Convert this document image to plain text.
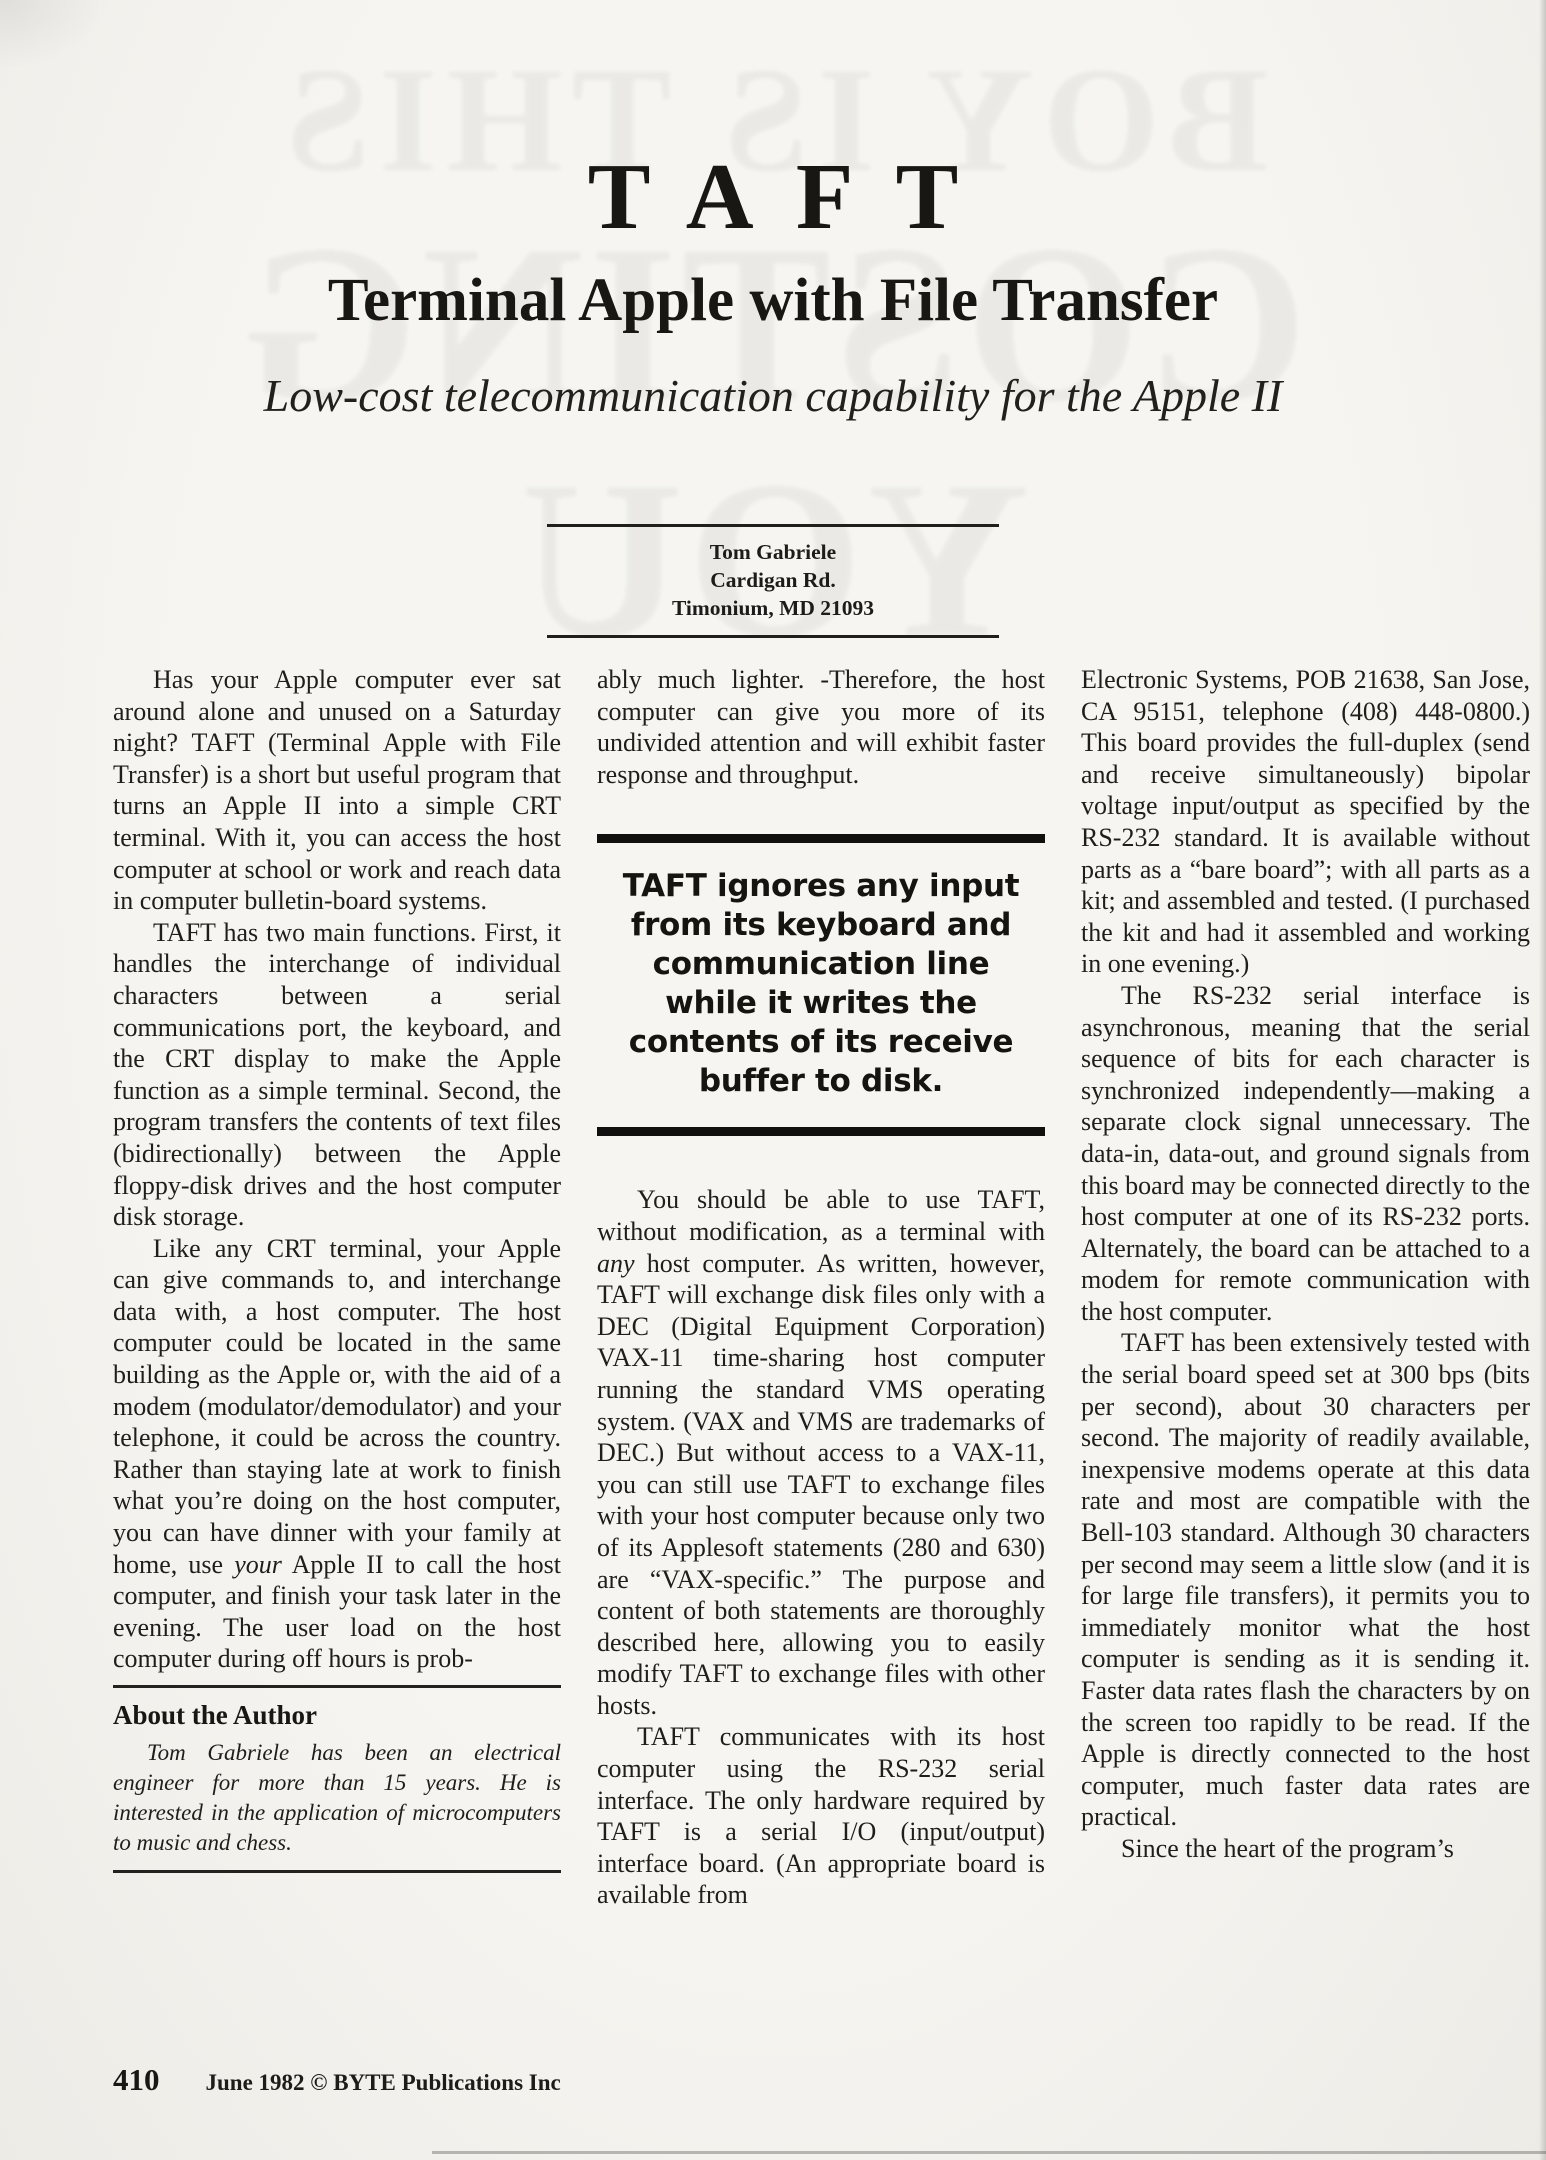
TAFT
Terminal Apple with File Transfer

Low-cost telecommunication capability for the Apple II

Tom Gabriele
Cardigan Rd.
Timonium, MD 21093

Has your Apple computer ever sat around alone and unused on a Saturday night? TAFT (Terminal Apple with File Transfer) is a short but useful program that turns an Apple II into a simple CRT terminal. With it, you can access the host computer at school or work and reach data in computer bulletin-board systems.

TAFT has two main functions. First, it handles the interchange of individual characters between a serial communications port, the keyboard, and the CRT display to make the Apple function as a simple terminal. Second, the program transfers the contents of text files (bidirectionally) between the Apple floppy-disk drives and the host computer disk storage.

Like any CRT terminal, your Apple can give commands to, and interchange data with, a host computer. The host computer could be located in the same building as the Apple or, with the aid of a modem (modulator/demodulator) and your telephone, it could be across the country. Rather than staying late at work to finish what you’re doing on the host computer, you can have dinner with your family at home, use your Apple II to call the host computer, and finish your task later in the evening. The user load on the host computer during off hours is prob-

About the Author

Tom Gabriele has been an electrical engineer for more than 15 years. He is interested in the application of microcomputers to music and chess.

ably much lighter. -Therefore, the host computer can give you more of its undivided attention and will exhibit faster response and throughput.

TAFT ignores any input
from its keyboard and
communication line
while it writes the
contents of its receive
buffer to disk.

You should be able to use TAFT, without modification, as a terminal with any host computer. As written, however, TAFT will exchange disk files only with a DEC (Digital Equipment Corporation) VAX-11 time-sharing host computer running the standard VMS operating system. (VAX and VMS are trademarks of DEC.) But without access to a VAX-11, you can still use TAFT to exchange files with your host computer because only two of its Applesoft statements (280 and 630) are “VAX-specific.” The purpose and content of both statements are thoroughly described here, allowing you to easily modify TAFT to exchange files with other hosts.

TAFT communicates with its host computer using the RS-232 serial interface. The only hardware required by TAFT is a serial I/O (input/output) interface board. (An appropriate board is available from

Electronic Systems, POB 21638, San Jose, CA 95151, telephone (408) 448-0800.) This board provides the full-duplex (send and receive simultaneously) bipolar voltage input/output as specified by the RS-232 standard. It is available without parts as a “bare board”; with all parts as a kit; and assembled and tested. (I purchased the kit and had it assembled and working in one evening.)

The RS-232 serial interface is asynchronous, meaning that the serial sequence of bits for each character is synchronized independently—making a separate clock signal unnecessary. The data-in, data-out, and ground signals from this board may be connected directly to the host computer at one of its RS-232 ports. Alternately, the board can be attached to a modem for remote communication with the host computer.

TAFT has been extensively tested with the serial board speed set at 300 bps (bits per second), about 30 characters per second. The majority of readily available, inexpensive modems operate at this data rate and most are compatible with the Bell-103 standard. Although 30 characters per second may seem a little slow (and it is for large file transfers), it permits you to immediately monitor what the host computer is sending as it is sending it. Faster data rates flash the characters by on the screen too rapidly to be read. If the Apple is directly connected to the host computer, much faster data rates are practical.

Since the heart of the program’s

410 June 1982 © BYTE Publications Inc
